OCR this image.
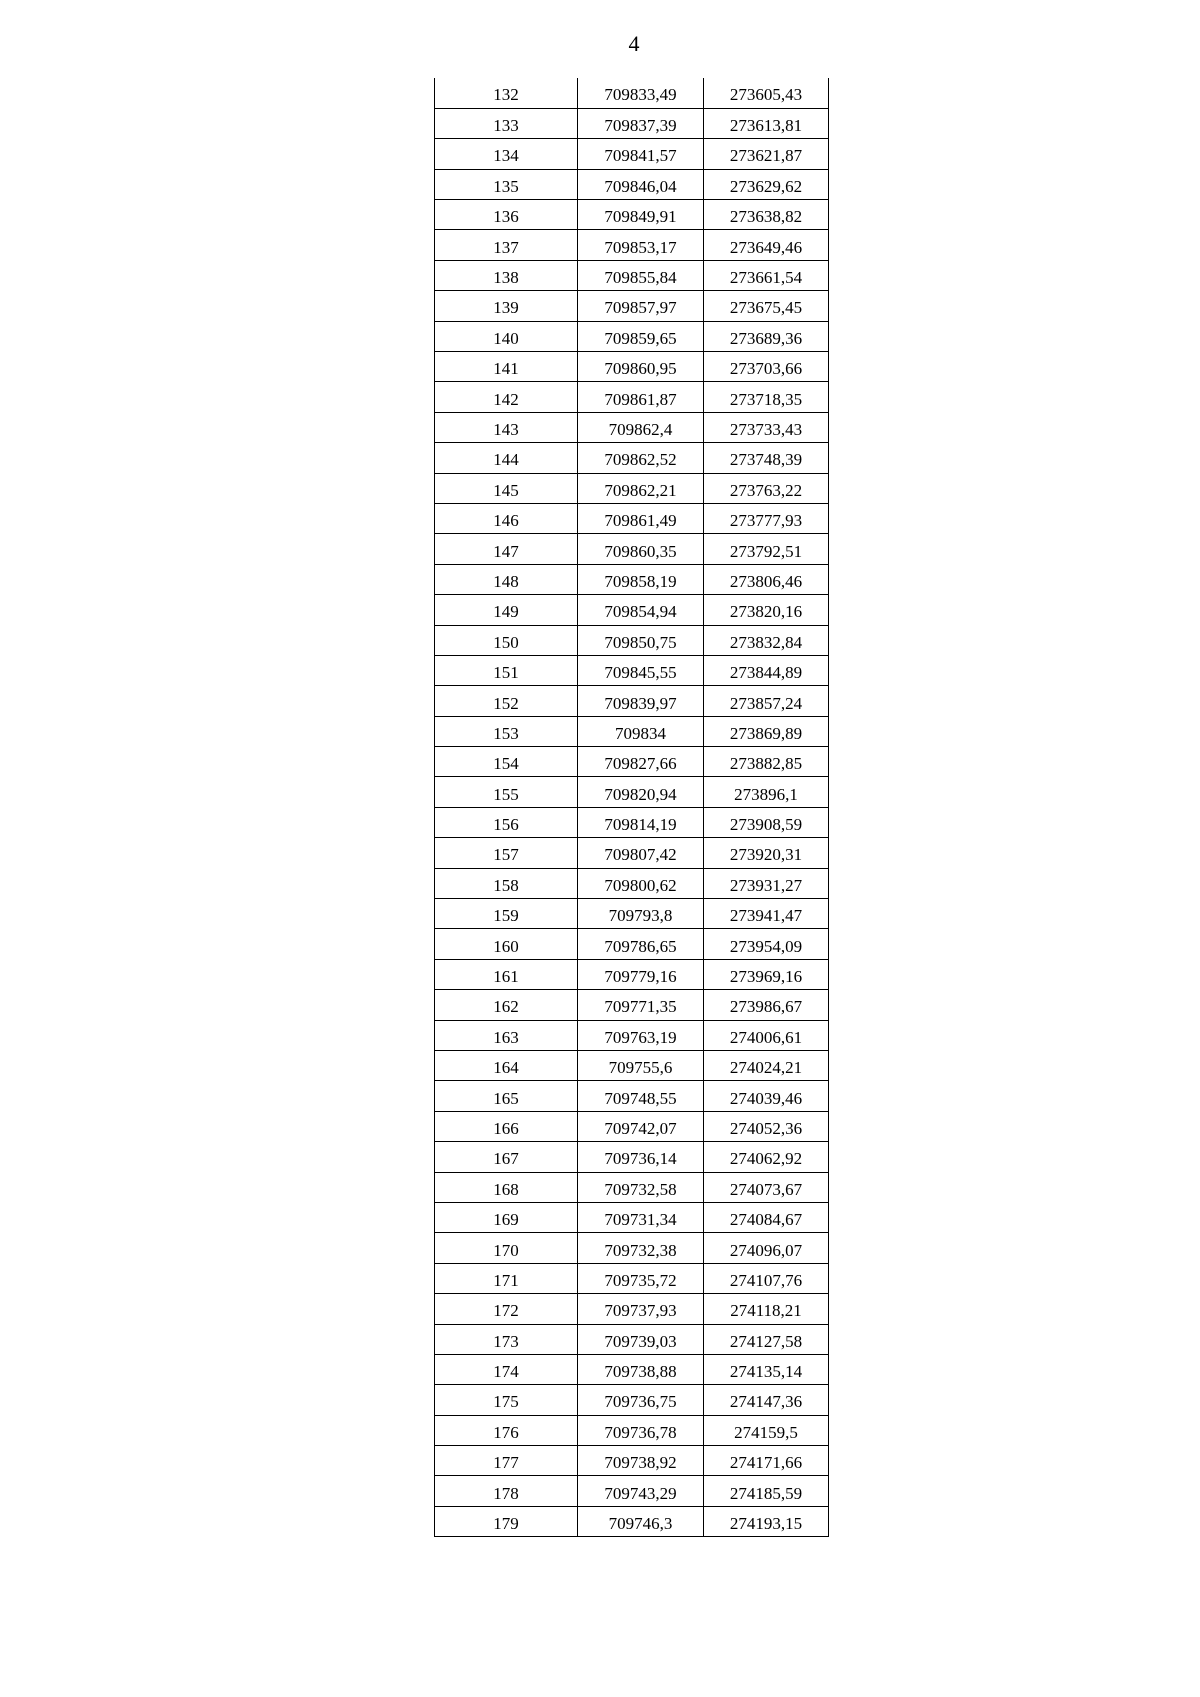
4
132	709833,49	273605,43
133	709837,39	273613,81
134	709841,57	273621,87
135	709846,04	273629,62
136	709849,91	273638,82
137	709853,17	273649,46
138	709855,84	273661,54
139	709857,97	273675,45
140	709859,65	273689,36
141	709860,95	273703,66
142	709861,87	273718,35
143	709862,4	273733,43
144	709862,52	273748,39
145	709862,21	273763,22
146	709861,49	273777,93
147	709860,35	273792,51
148	709858,19	273806,46
149	709854,94	273820,16
150	709850,75	273832,84
151	709845,55	273844,89
152	709839,97	273857,24
153	709834	273869,89
154	709827,66	273882,85
155	709820,94	273896,1
156	709814,19	273908,59
157	709807,42	273920,31
158	709800,62	273931,27
159	709793,8	273941,47
160	709786,65	273954,09
161	709779,16	273969,16
162	709771,35	273986,67
163	709763,19	274006,61
164	709755,6	274024,21
165	709748,55	274039,46
166	709742,07	274052,36
167	709736,14	274062,92
168	709732,58	274073,67
169	709731,34	274084,67
170	709732,38	274096,07
171	709735,72	274107,76
172	709737,93	274118,21
173	709739,03	274127,58
174	709738,88	274135,14
175	709736,75	274147,36
176	709736,78	274159,5
177	709738,92	274171,66
178	709743,29	274185,59
179	709746,3	274193,15
